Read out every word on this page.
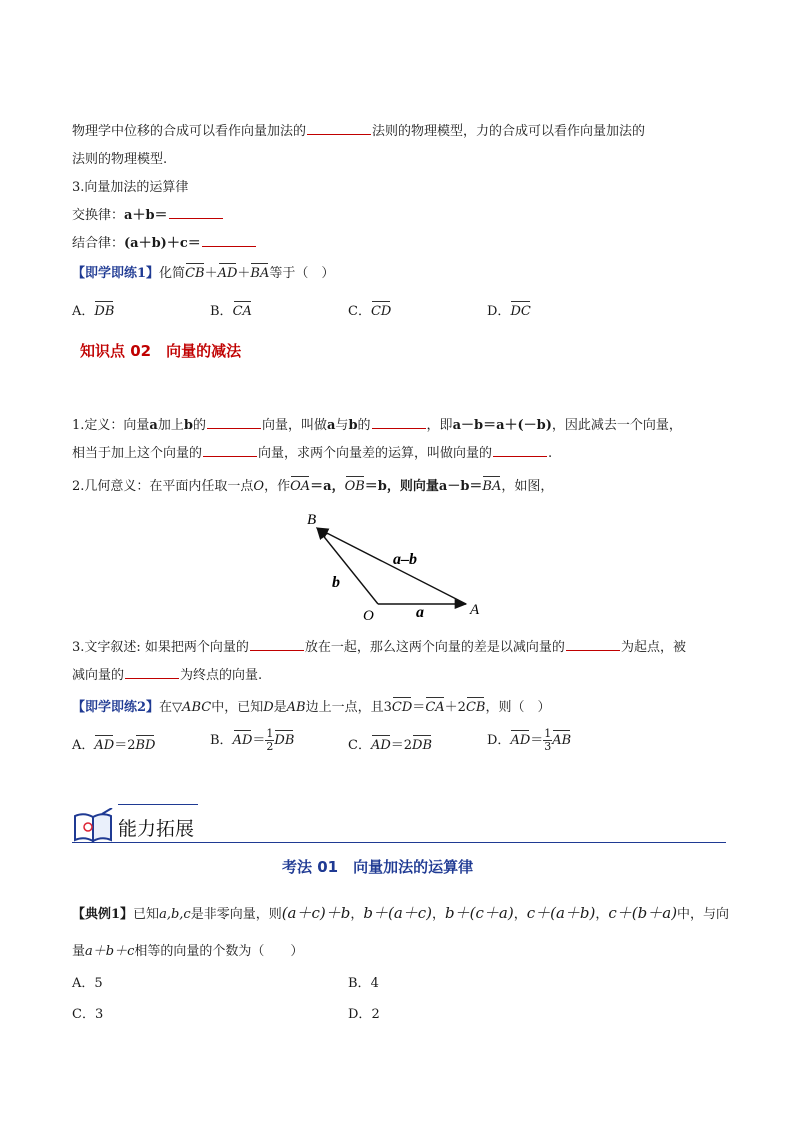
物理学中位移的合成可以看作向量加法的	法则的物理模型，力的合成可以看作向量加法的
法则的物理模型.
3.向量加法的运算律
交换律：a＋b＝
结合律：(a＋b)＋c＝
【即学即练1】化简CB＋AD＋BA等于（　）
A．DB	B．CA	C．CD	D．DC
知识点 02　向量的减法
1.定义：向量a加上b的	向量，叫做a与b的	，即a－b＝a＋(－b)，因此减去一个向量，
相当于加上这个向量的	向量，求两个向量差的运算，叫做向量的	.
2.几何意义：在平面内任取一点O，作OA＝a，OB＝b，则向量a－b＝BA，如图，
B
O	A
a–b
b
a
3.文字叙述: 如果把两个向量的	放在一起，那么这两个向量的差是以减向量的	为起点，被
减向量的	为终点的向量.
【即学即练2】在▽ABC中，已知D是AB边上一点，且3CD＝CA＋2CB，则（　）
A．AD＝2BD	B．$AD= \frac{1}{2}$ DB	C．AD＝2DB	D．$AD= \frac{1}{3}$ AB
能力拓展
考法 01　向量加法的运算律
【典例1】已知a,b,c是非零向量，则(a＋c)＋b，b＋(a＋c)，b＋(c＋a)，c＋(a＋b)，c＋(b＋a)中，与向
量a＋b＋c相等的向量的个数为（　　）
A．5	B．4
C．3	D．2
